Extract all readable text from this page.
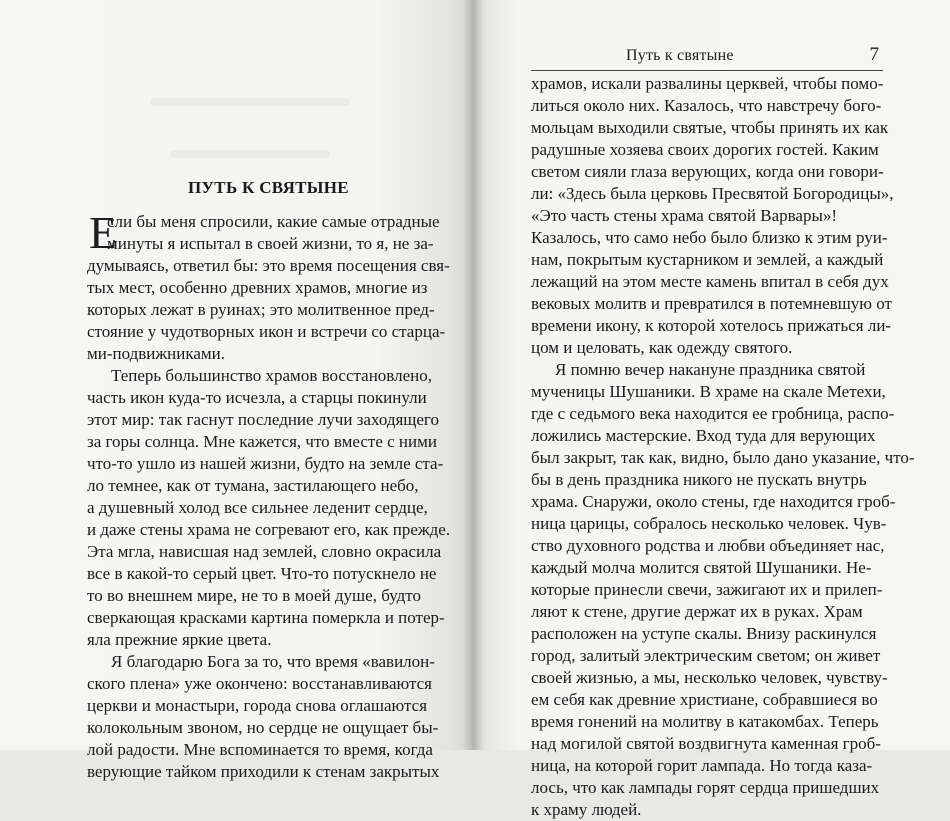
ПУТЬ К СВЯТЫНЕ
Е
сли бы меня спросили, какие самые отрадные
минуты я испытал в своей жизни, то я, не за-
думываясь, ответил бы: это время посещения свя-
тых мест, особенно древних храмов, многие из
которых лежат в руинах; это молитвенное пред-
стояние у чудотворных икон и встречи со старца-
ми-подвижниками.
Теперь большинство храмов восстановлено,
часть икон куда-то исчезла, а старцы покинули
этот мир: так гаснут последние лучи заходящего
за горы солнца. Мне кажется, что вместе с ними
что-то ушло из нашей жизни, будто на земле ста-
ло темнее, как от тумана, застилающего небо,
а душевный холод все сильнее леденит сердце,
и даже стены храма не согревают его, как прежде.
Эта мгла, нависшая над землей, словно окрасила
все в какой-то серый цвет. Что-то потускнело не
то во внешнем мире, не то в моей душе, будто
сверкающая красками картина померкла и потер-
яла прежние яркие цвета.
Я благодарю Бога за то, что время «вавилон-
ского плена» уже окончено: восстанавливаются
церкви и монастыри, города снова оглашаются
колокольным звоном, но сердце не ощущает бы-
лой радости. Мне вспоминается то время, когда
верующие тайком приходили к стенам закрытых
Путь к святыне	7
храмов, искали развалины церквей, чтобы помо-
литься около них. Казалось, что навстречу бого-
мольцам выходили святые, чтобы принять их как
радушные хозяева своих дорогих гостей. Каким
светом сияли глаза верующих, когда они говори-
ли: «Здесь была церковь Пресвятой Богородицы»,
«Это часть стены храма святой Варвары»!
Казалось, что само небо было близко к этим руи-
нам, покрытым кустарником и землей, а каждый
лежащий на этом месте камень впитал в себя дух
вековых молитв и превратился в потемневшую от
времени икону, к которой хотелось прижаться ли-
цом и целовать, как одежду святого.
Я помню вечер накануне праздника святой
мученицы Шушаники. В храме на скале Метехи,
где с седьмого века находится ее гробница, распо-
ложились мастерские. Вход туда для верующих
был закрыт, так как, видно, было дано указание, что-
бы в день праздника никого не пускать внутрь
храма. Снаружи, около стены, где находится гроб-
ница царицы, собралось несколько человек. Чув-
ство духовного родства и любви объединяет нас,
каждый молча молится святой Шушаники. Не-
которые принесли свечи, зажигают их и прилеп-
ляют к стене, другие держат их в руках. Храм
расположен на уступе скалы. Внизу раскинулся
город, залитый электрическим светом; он живет
своей жизнью, а мы, несколько человек, чувству-
ем себя как древние христиане, собравшиеся во
время гонений на молитву в катакомбах. Теперь
над могилой святой воздвигнута каменная гроб-
ница, на которой горит лампада. Но тогда каза-
лось, что как лампады горят сердца пришедших
к храму людей.
